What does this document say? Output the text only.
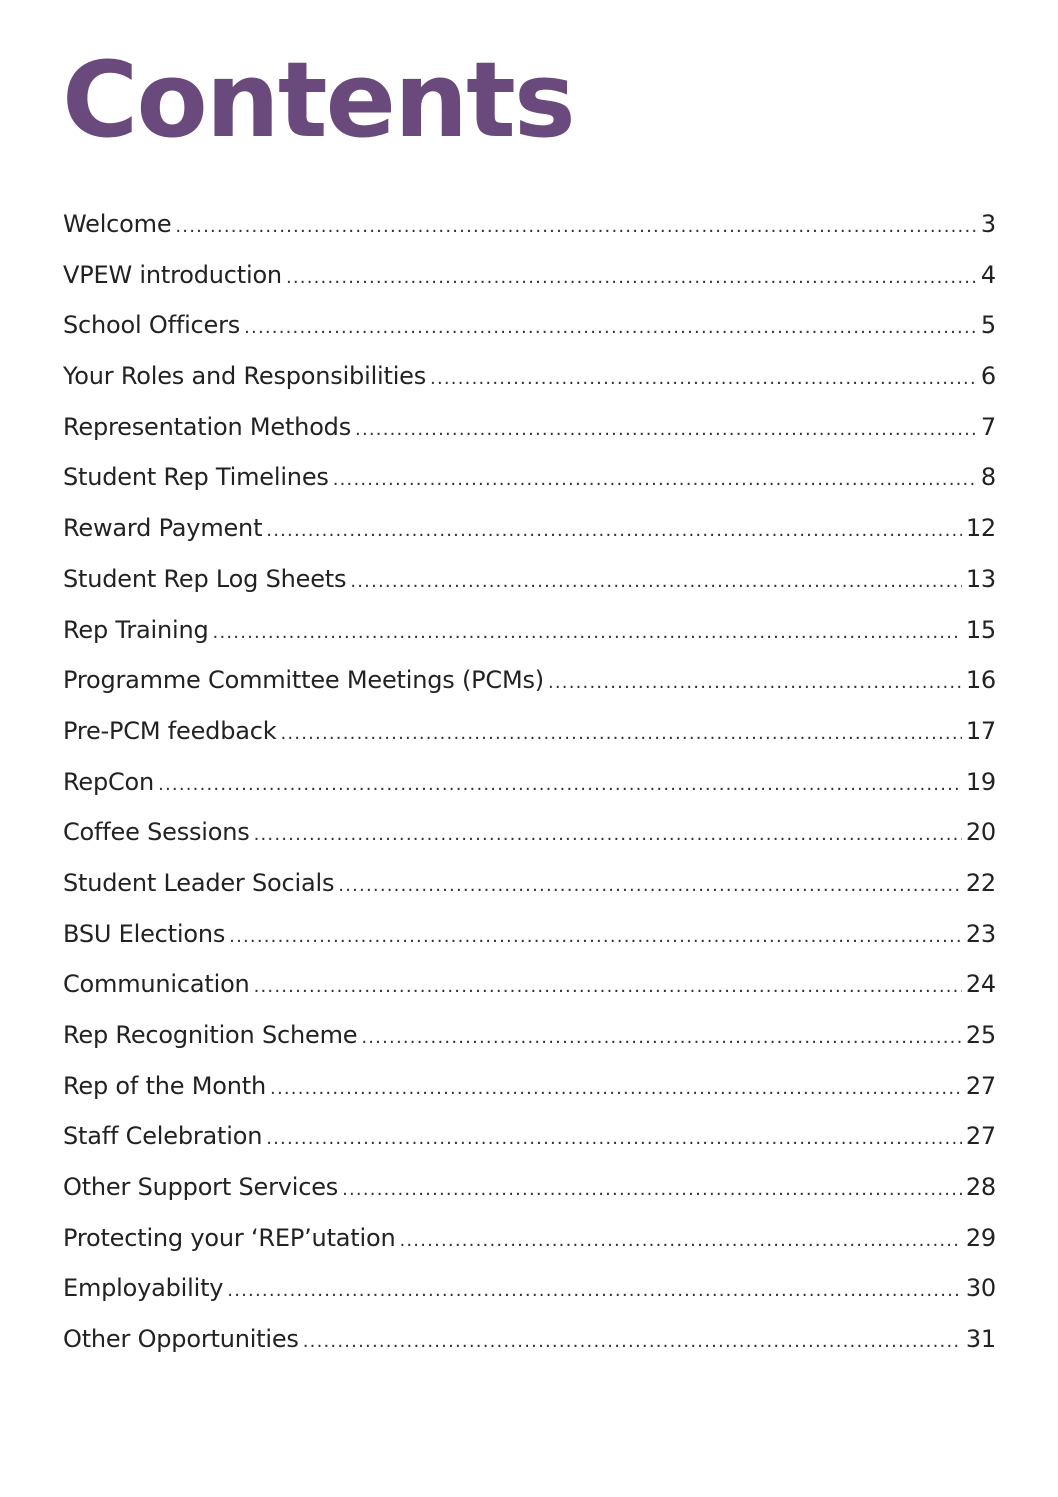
Contents
Welcome .....	3
VPEW introduction .....	4
School Officers .....	5
Your Roles and Responsibilities .....	6
Representation Methods .....	7
Student Rep Timelines .....	8
Reward Payment .....	12
Student Rep Log Sheets .....	13
Rep Training .....	15
Programme Committee Meetings (PCMs) .....	16
Pre-PCM feedback .....	17
RepCon .....	19
Coffee Sessions .....	20
Student Leader Socials .....	22
BSU Elections .....	23
Communication .....	24
Rep Recognition Scheme .....	25
Rep of the Month .....	27
Staff Celebration .....	27
Other Support Services .....	28
Protecting your ‘REP’utation .....	29
Employability .....	30
Other Opportunities .....	31
